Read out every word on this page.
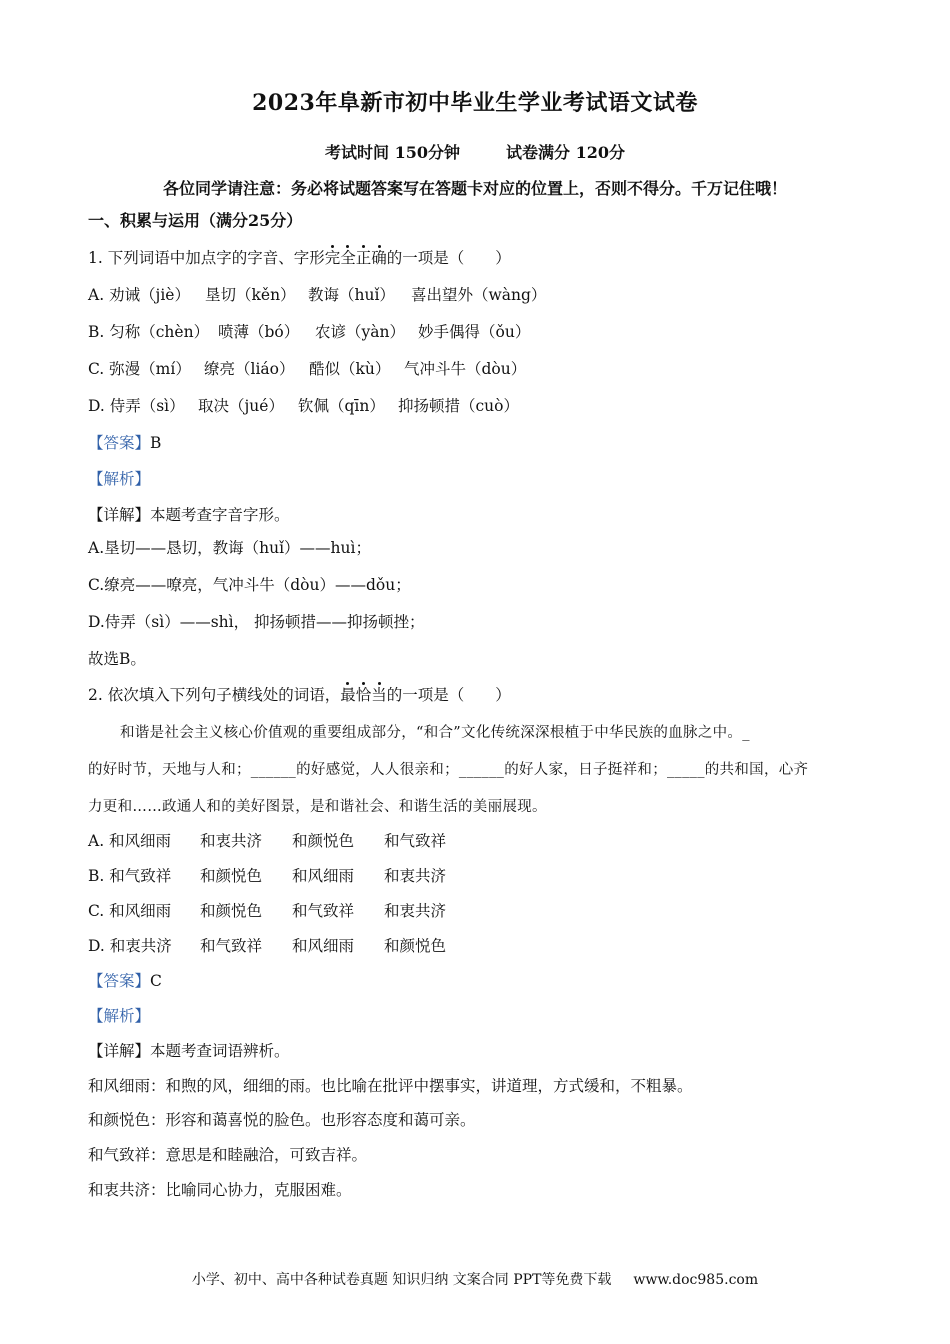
2023年阜新市初中毕业生学业考试语文试卷
考试时间 150分钟	试卷满分 120分
各位同学请注意：务必将试题答案写在答题卡对应的位置上，否则不得分。千万记住哦！
一、积累与运用（满分25分）
1. 下列词语中加点字的字音、字形完全正确的一项是（　　）
A. 劝诫（jiè） 垦切（kěn） 教诲（huǐ） 喜出望外（wàng）
B. 匀称（chèn） 喷薄（bó） 农谚（yàn） 妙手偶得（ǒu）
C. 弥漫（mí） 缭亮（liáo） 酷似（kù） 气冲斗牛（dòu）
D. 侍弄（sì） 取决（jué） 钦佩（qīn） 抑扬顿措（cuò）
【答案】B
【解析】
【详解】本题考查字音字形。
A.垦切——恳切，教诲（huǐ）——huì；
C.缭亮——嘹亮，气冲斗牛（dòu）——dǒu；
D.侍弄（sì）——shì， 抑扬顿措——抑扬顿挫；
故选B。
2. 依次填入下列句子横线处的词语，最恰当的一项是（　　）
和谐是社会主义核心价值观的重要组成部分，“和合”文化传统深深根植于中华民族的血脉之中。_
的好时节，天地与人和；______的好感觉，人人很亲和；______的好人家，日子挺祥和；_____的共和国，心齐
力更和……政通人和的美好图景，是和谐社会、和谐生活的美丽展现。
A. 和风细雨 和衷共济 和颜悦色 和气致祥
B. 和气致祥 和颜悦色 和风细雨 和衷共济
C. 和风细雨 和颜悦色 和气致祥 和衷共济
D. 和衷共济 和气致祥 和风细雨 和颜悦色
【答案】C
【解析】
【详解】本题考查词语辨析。
和风细雨：和煦的风，细细的雨。也比喻在批评中摆事实，讲道理，方式缓和，不粗暴。
和颜悦色：形容和蔼喜悦的脸色。也形容态度和蔼可亲。
和气致祥：意思是和睦融洽，可致吉祥。
和衷共济：比喻同心协力，克服困难。
小学、初中、高中各种试卷真题 知识归纳 文案合同 PPT等免费下载 www.doc985.com
